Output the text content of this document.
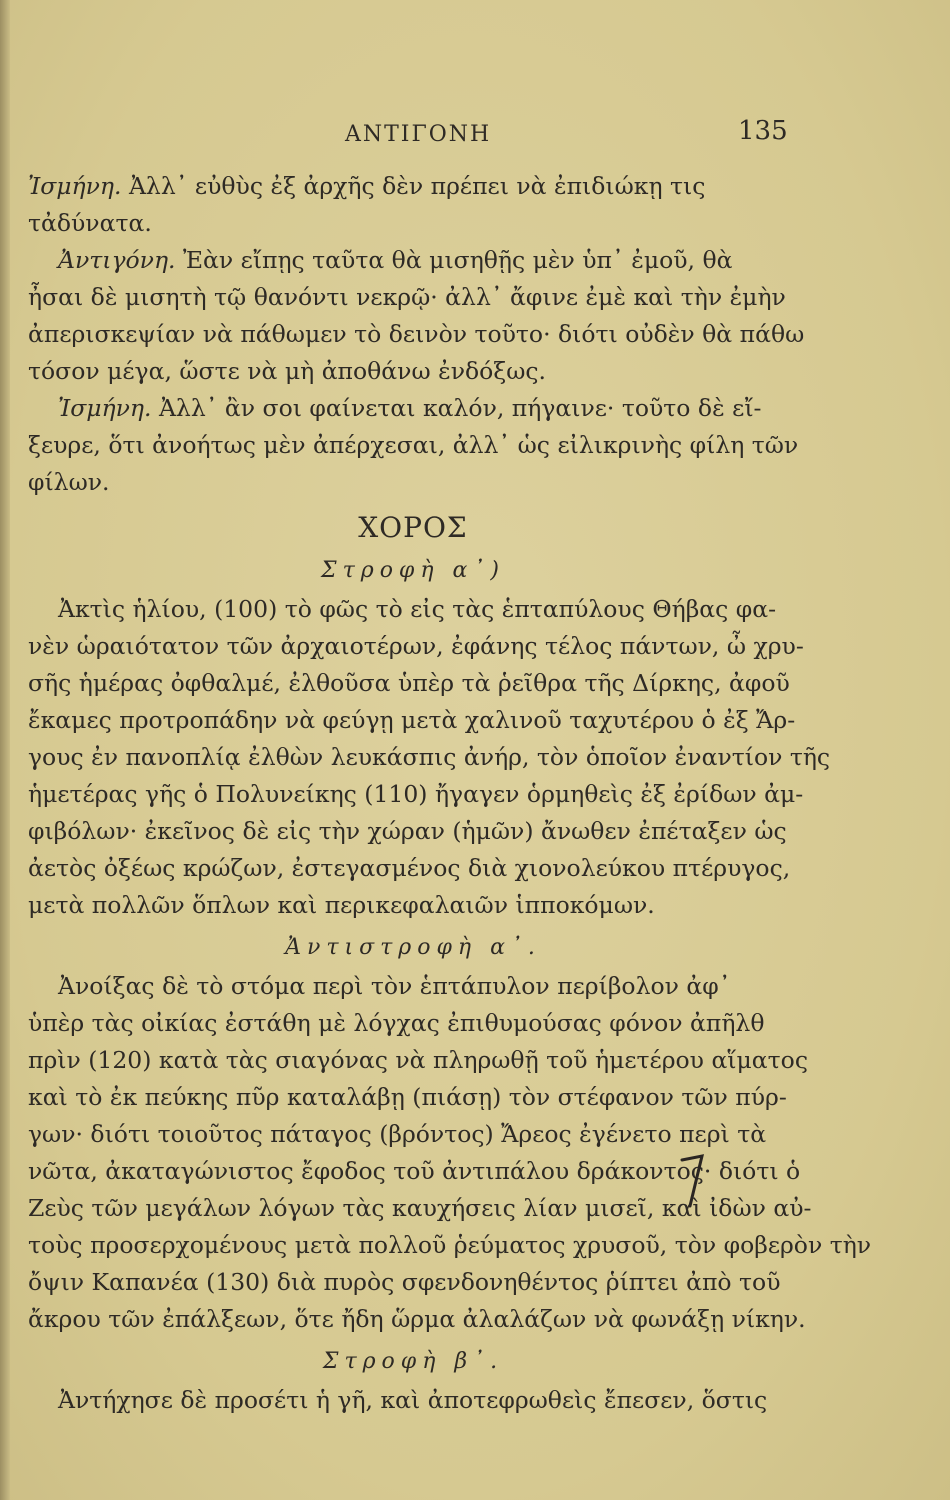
ΑΝΤΙΓΟΝΗ	135
Ἰσμήνη. Ἀλλ᾽ εὐθὺς ἐξ ἀρχῆς δὲν πρέπει νὰ ἐπιδιώκῃ τις
τἀδύνατα.
Ἀντιγόνη. Ἐὰν εἴπῃς ταῦτα θὰ μισηθῇς μὲν ὑπ᾽ ἐμοῦ, θὰ
ἦσαι δὲ μισητὴ τῷ θανόντι νεκρῷ· ἀλλ᾽ ἄφινε ἐμὲ καὶ τὴν ἐμὴν
ἀπερισκεψίαν νὰ πάθωμεν τὸ δεινὸν τοῦτο· διότι οὐδὲν θὰ πάθω
τόσον μέγα, ὥστε νὰ μὴ ἀποθάνω ἐνδόξως.
Ἰσμήνη. Ἀλλ᾽ ἂν σοι φαίνεται καλόν, πήγαινε· τοῦτο δὲ εἴ-
ξευρε, ὅτι ἀνοήτως μὲν ἀπέρχεσαι, ἀλλ᾽ ὡς εἰλικρινὴς φίλη τῶν
φίλων.
ΧΟΡΟΣ
Στροφὴ α᾽)
Ἀκτὶς ἡλίου, (100) τὸ φῶς τὸ εἰς τὰς ἑπταπύλους Θήβας φα-
νὲν ὡραιότατον τῶν ἀρχαιοτέρων, ἐφάνης τέλος πάντων, ὦ χρυ-
σῆς ἡμέρας ὀφθαλμέ, ἐλθοῦσα ὑπὲρ τὰ ῥεῖθρα τῆς Δίρκης, ἀφοῦ
ἔκαμες προτροπάδην νὰ φεύγῃ μετὰ χαλινοῦ ταχυτέρου ὁ ἐξ Ἄρ-
γους ἐν πανοπλίᾳ ἐλθὼν λευκάσπις ἀνήρ, τὸν ὁποῖον ἐναντίον τῆς
ἡμετέρας γῆς ὁ Πολυνείκης (110) ἤγαγεν ὁρμηθεὶς ἐξ ἐρίδων ἀμ-
φιβόλων· ἐκεῖνος δὲ εἰς τὴν χώραν (ἡμῶν) ἄνωθεν ἐπέταξεν ὡς
ἀετὸς ὀξέως κρώζων, ἐστεγασμένος διὰ χιονολεύκου πτέρυγος,
μετὰ πολλῶν ὅπλων καὶ περικεφαλαιῶν ἱπποκόμων.
Ἀντιστροφὴ α᾽.
Ἀνοίξας δὲ τὸ στόμα περὶ τὸν ἑπτάπυλον περίβολον ἀφ᾽
ὑπὲρ τὰς οἰκίας ἐστάθη μὲ λόγχας ἐπιθυμούσας φόνον ἀπῆλθ
πρὶν (120) κατὰ τὰς σιαγόνας νὰ πληρωθῇ τοῦ ἡμετέρου αἵματος
καὶ τὸ ἐκ πεύκης πῦρ καταλάβῃ (πιάσῃ) τὸν στέφανον τῶν πύρ-
γων· διότι τοιοῦτος πάταγος (βρόντος) Ἄρεος ἐγένετο περὶ τὰ
νῶτα, ἀκαταγώνιστος ἔφοδος τοῦ ἀντιπάλου δράκοντος· διότι ὁ
Ζεὺς τῶν μεγάλων λόγων τὰς καυχήσεις λίαν μισεῖ, καὶ ἰδὼν αὐ-
τοὺς προσερχομένους μετὰ πολλοῦ ῥεύματος χρυσοῦ, τὸν φοβερὸν τὴν
ὄψιν Καπανέα (130) διὰ πυρὸς σφενδονηθέντος ῥίπτει ἀπὸ τοῦ
ἄκρου τῶν ἐπάλξεων, ὅτε ἤδη ὥρμα ἀλαλάζων νὰ φωνάξῃ νίκην.
Στροφὴ β᾽.
Ἀντήχησε δὲ προσέτι ἡ γῆ, καὶ ἀποτεφρωθεὶς ἔπεσεν, ὅστις
